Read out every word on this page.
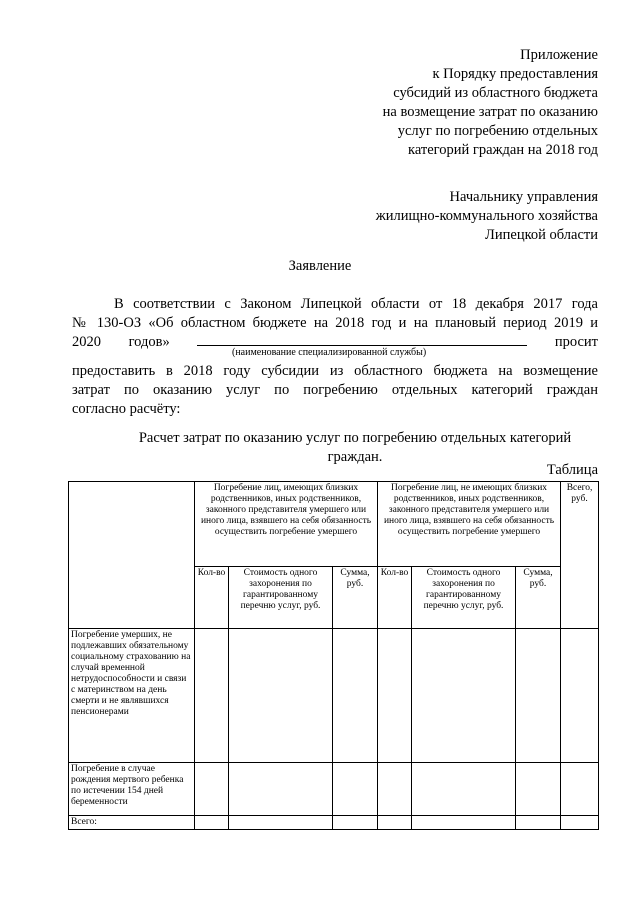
Приложение
к Порядку предоставления
субсидий из областного бюджета
на возмещение затрат по оказанию
услуг по погребению отдельных
категорий граждан на 2018 год
Начальнику управления
жилищно-коммунального хозяйства
Липецкой области
Заявление
В соответствии с Законом Липецкой области от 18 декабря 2017 года
№ 130-ОЗ «Об областном бюджете на 2018 год и на плановый период 2019 и
2020 годов»	просит
(наименование специализированной службы)
предоставить в 2018 году субсидии из областного бюджета на возмещение
затрат по оказанию услуг по погребению отдельных категорий граждан
согласно расчёту:
Расчет затрат по оказанию услуг по погребению отдельных категорий
граждан.
Таблица
	Погребение лиц, имеющих близких родственников, иных родственников, законного представителя умершего или иного лица, взявшего на себя обязанность осуществить погребение умершего			Погребение лиц, не имеющих близких родственников, иных родственников, законного представителя умершего или иного лица, взявшего на себя обязанность осуществить погребение умершего			Всего, руб.
	Кол-во	Стоимость одного захоронения по гарантированному перечню услуг, руб.	Сумма, руб.	Кол-во	Стоимость одного захоронения по гарантированному перечню услуг, руб.	Сумма, руб.	
Погребение умерших, не подлежавших обязательному социальному страхованию на случай временной нетрудоспособности и связи с материнством на день смерти и не являвшихся пенсионерами							
Погребение в случае рождения мертвого ребенка по истечении 154 дней беременности							
Всего:							
